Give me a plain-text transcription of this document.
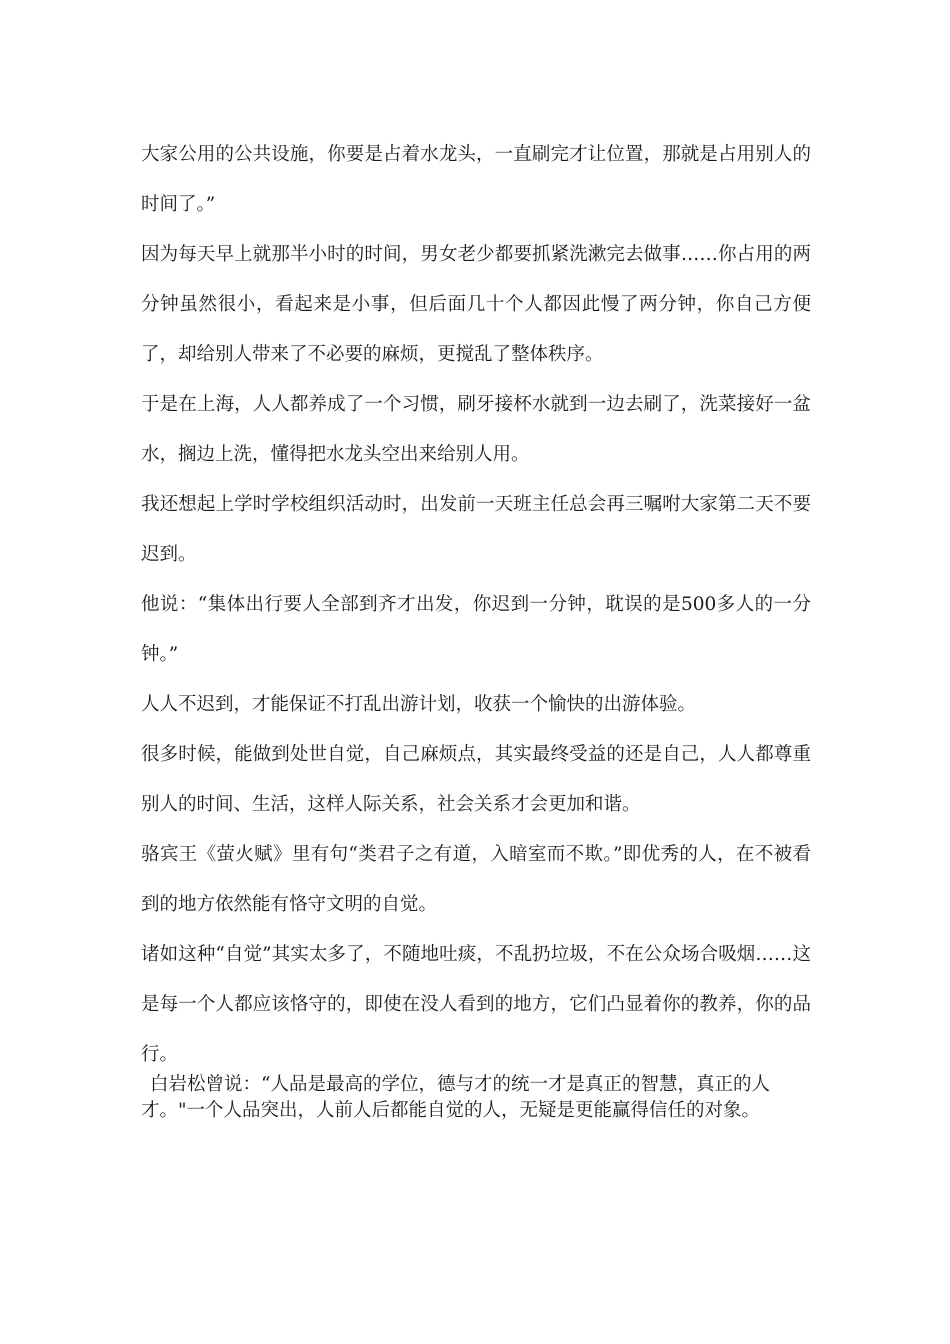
大家公用的公共设施，你要是占着水龙头，一直刷完才让位置，那就是占用别人的时间了。”

因为每天早上就那半小时的时间，男女老少都要抓紧洗漱完去做事……你占用的两分钟虽然很小，看起来是小事，但后面几十个人都因此慢了两分钟，你自己方便了，却给别人带来了不必要的麻烦，更搅乱了整体秩序。

于是在上海，人人都养成了一个习惯，刷牙接杯水就到一边去刷了，洗菜接好一盆水，搁边上洗，懂得把水龙头空出来给别人用。

我还想起上学时学校组织活动时，出发前一天班主任总会再三嘱咐大家第二天不要迟到。

他说：“集体出行要人全部到齐才出发，你迟到一分钟，耽误的是500多人的一分钟。”

人人不迟到，才能保证不打乱出游计划，收获一个愉快的出游体验。

很多时候，能做到处世自觉，自己麻烦点，其实最终受益的还是自己，人人都尊重别人的时间、生活，这样人际关系，社会关系才会更加和谐。

骆宾王《萤火赋》里有句“类君子之有道，入暗室而不欺。”即优秀的人，在不被看到的地方依然能有恪守文明的自觉。

诸如这种“自觉”其实太多了，不随地吐痰，不乱扔垃圾，不在公众场合吸烟……这是每一个人都应该恪守的，即使在没人看到的地方，它们凸显着你的教养，你的品行。

白岩松曾说：“人品是最高的学位，德与才的统一才是真正的智慧，真正的人才。"一个人品突出，人前人后都能自觉的人，无疑是更能赢得信任的对象。
